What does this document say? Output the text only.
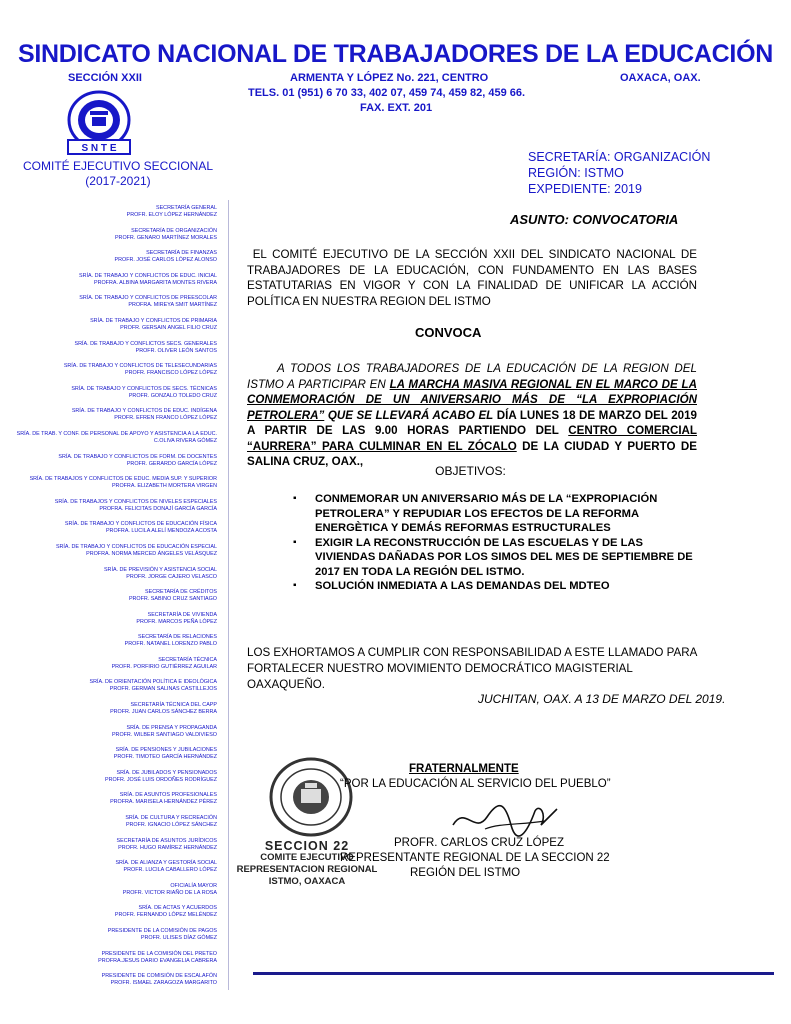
SINDICATO NACIONAL DE TRABAJADORES DE LA EDUCACIÓN
SECCIÓN XXII	ARMENTA Y LÓPEZ No. 221, CENTRO	OAXACA, OAX.
TELS. 01 (951) 6 70 33, 402 07, 459 74, 459 82, 459 66.
FAX. EXT. 201
S N T E
COMITÉ EJECUTIVO SECCIONAL
(2017-2021)
SECRETARÍA: ORGANIZACIÓN
REGIÓN: ISTMO
EXPEDIENTE: 2019
SECRETARÍA GENERAL
PROFR. ELOY LÓPEZ HERNÁNDEZ
SECRETARÍA DE ORGANIZACIÓN
PROFR. GENARO MARTÍNEZ MORALES
SECRETARÍA DE FINANZAS
PROFR. JOSÉ CARLOS LÓPEZ ALONSO
SRÍA. DE TRABAJO Y CONFLICTOS DE EDUC. INICIAL
PROFRA. ALBINA MARGARITA MONTES RIVERA
SRÍA. DE TRABAJO Y CONFLICTOS DE PREESCOLAR
PROFRA. MIREYA SMIT MARTÍNEZ
SRÍA. DE TRABAJO Y CONFLICTOS DE PRIMARIA
PROFR. GERSAIN ANGEL FILIO CRUZ
SRÍA. DE TRABAJO Y CONFLICTOS SECS. GENERALES
PROFR. OLIVER LEÓN SANTOS
SRÍA. DE TRABAJO Y CONFLICTOS DE TELESECUNDARIAS
PROFR. FRANCISCO LÓPEZ LÓPEZ
SRÍA. DE TRABAJO Y CONFLICTOS DE SECS. TÉCNICAS
PROFR. GONZALO TOLEDO CRUZ
SRÍA. DE TRABAJO Y CONFLICTOS DE EDUC. INDÍGENA
PROFR. EFREN FRANCO LÓPEZ LÓPEZ
SRÍA. DE TRAB. Y CONF. DE PERSONAL DE APOYO Y ASISTENCIA A LA EDUC.
C.OLIVA RIVERA GÓMEZ
SRÍA. DE TRABAJO Y CONFLICTOS DE FORM. DE DOCENTES
PROFR. GERARDO GARCÍA LÓPEZ
SRÍA. DE TRABAJOS Y CONFLICTOS DE EDUC. MEDIA SUP. Y SUPERIOR
PROFRA. ELIZABETH MORTERA VIRGEN
SRÍA. DE TRABAJOS Y CONFLICTOS DE NIVELES ESPECIALES
PROFRA. FELICITAS DONAJÍ GARCÍA GARCÍA
SRÍA. DE TRABAJO Y CONFLICTOS DE EDUCACIÓN FÍSICA
PROFRA. LUCILA ALELÍ MENDOZA ACOSTA
SRÍA. DE TRABAJO Y CONFLICTOS DE EDUCACIÓN ESPECIAL
PROFRA. NORMA MERCED ÁNGELES VELÁSQUEZ
SRÍA. DE PREVISIÓN Y ASISTENCIA SOCIAL
PROFR. JORGE CAJERO VELASCO
SECRETARÍA DE CRÉDITOS
PROFR. SABINO CRUZ SANTIAGO
SECRETARÍA DE VIVIENDA
PROFR. MARCOS PEÑA LÓPEZ
SECRETARÍA DE RELACIONES
PROFR. NATANEL LORENZO PABLO
SECRETARÍA TÉCNICA
PROFR. PORFIRIO GUTIÉRREZ AGUILAR
SRÍA. DE ORIENTACIÓN POLÍTICA E IDEOLÓGICA
PROFR. GERMAN SALINAS CASTILLEJOS
SECRETARÍA TÉCNICA DEL CAPP
PROFR. JUAN CARLOS SÁNCHEZ BERRA
SRÍA. DE PRENSA Y PROPAGANDA
PROFR. WILBER SANTIAGO VALDIVIESO
SRÍA. DE PENSIONES Y JUBILACIONES
PROFR. TIMOTEO GARCÍA HERNÁNDEZ
SRÍA. DE JUBILADOS Y PENSIONADOS
PROFR. JOSÉ LUIS ORDOÑES RODRÍGUEZ
SRÍA. DE ASUNTOS PROFESIONALES
PROFRA. MARISELA HERNÁNDEZ PÉREZ
SRÍA. DE CULTURA Y RECREACIÓN
PROFR. IGNACIO LÓPEZ SÁNCHEZ
SECRETARÍA DE ASUNTOS JURÍDICOS
PROFR. HUGO RAMÍREZ HERNÁNDEZ
SRÍA. DE ALIANZA Y GESTORÍA SOCIAL
PROFR. LUCILA CABALLERO LÓPEZ
OFICIALÍA MAYOR
PROFR. VICTOR RIAÑO DE LA ROSA
SRÍA. DE ACTAS Y ACUERDOS
PROFR. FERNANDO LÓPEZ MELÉNDEZ
PRESIDENTE DE LA COMISIÓN DE PAGOS
PROFR. ULISES DÍAZ GÓMEZ
PRESIDENTE DE LA COMISIÓN DEL PRETEO
PROFRA.JESUS DARIO EVANGELIA CABRERA
PRESIDENTE DE COMISIÓN DE ESCALAFÓN
PROFR. ISMAEL ZARAGOZA MARGARITO
ASUNTO: CONVOCATORIA
EL COMITÉ EJECUTIVO DE LA SECCIÓN XXII DEL SINDICATO NACIONAL DE TRABAJADORES DE LA EDUCACIÓN, CON FUNDAMENTO EN LAS BASES ESTATUTARIAS EN VIGOR Y CON LA FINALIDAD DE UNIFICAR LA ACCIÓN POLÍTICA EN NUESTRA REGION DEL ISTMO
CONVOCA
A TODOS LOS TRABAJADORES DE LA EDUCACIÓN DE LA REGION DEL ISTMO A PARTICIPAR EN LA MARCHA MASIVA REGIONAL EN EL MARCO DE LA CONMEMORACIÓN DE UN ANIVERSARIO MÁS DE “LA EXPROPIACIÓN PETROLERA” QUE SE LLEVARÁ ACABO EL DÍA LUNES 18 DE MARZO DEL 2019 A PARTIR DE LAS 9.00 HORAS PARTIENDO DEL CENTRO COMERCIAL “AURRERA” PARA CULMINAR EN EL ZÓCALO DE LA CIUDAD Y PUERTO DE SALINA CRUZ, OAX.,
OBJETIVOS:
▪ CONMEMORAR UN ANIVERSARIO MÁS DE LA “EXPROPIACIÓN PETROLERA” Y REPUDIAR LOS EFECTOS DE LA REFORMA ENERGÈTICA Y DEMÁS REFORMAS ESTRUCTURALES
▪ EXIGIR LA RECONSTRUCCIÓN DE LAS ESCUELAS Y DE LAS VIVIENDAS DAÑADAS POR LOS SIMOS DEL MES DE SEPTIEMBRE DE 2017 EN TODA LA REGIÓN DEL ISTMO.
▪ SOLUCIÓN INMEDIATA A LAS DEMANDAS DEL MDTEO
LOS EXHORTAMOS A CUMPLIR CON RESPONSABILIDAD A ESTE LLAMADO PARA FORTALECER NUESTRO MOVIMIENTO DEMOCRÁTICO MAGISTERIAL OAXAQUEÑO.
JUCHITAN, OAX. A 13 DE MARZO DEL 2019.
SECCION 22
COMITE EJECUTIVO
REPRESENTACION REGIONAL
ISTMO, OAXACA
FRATERNALMENTE
“POR LA EDUCACIÓN AL SERVICIO DEL PUEBLO”
PROFR. CARLOS CRUZ LÓPEZ
REPRESENTANTE REGIONAL DE LA SECCION 22
REGIÓN DEL ISTMO
